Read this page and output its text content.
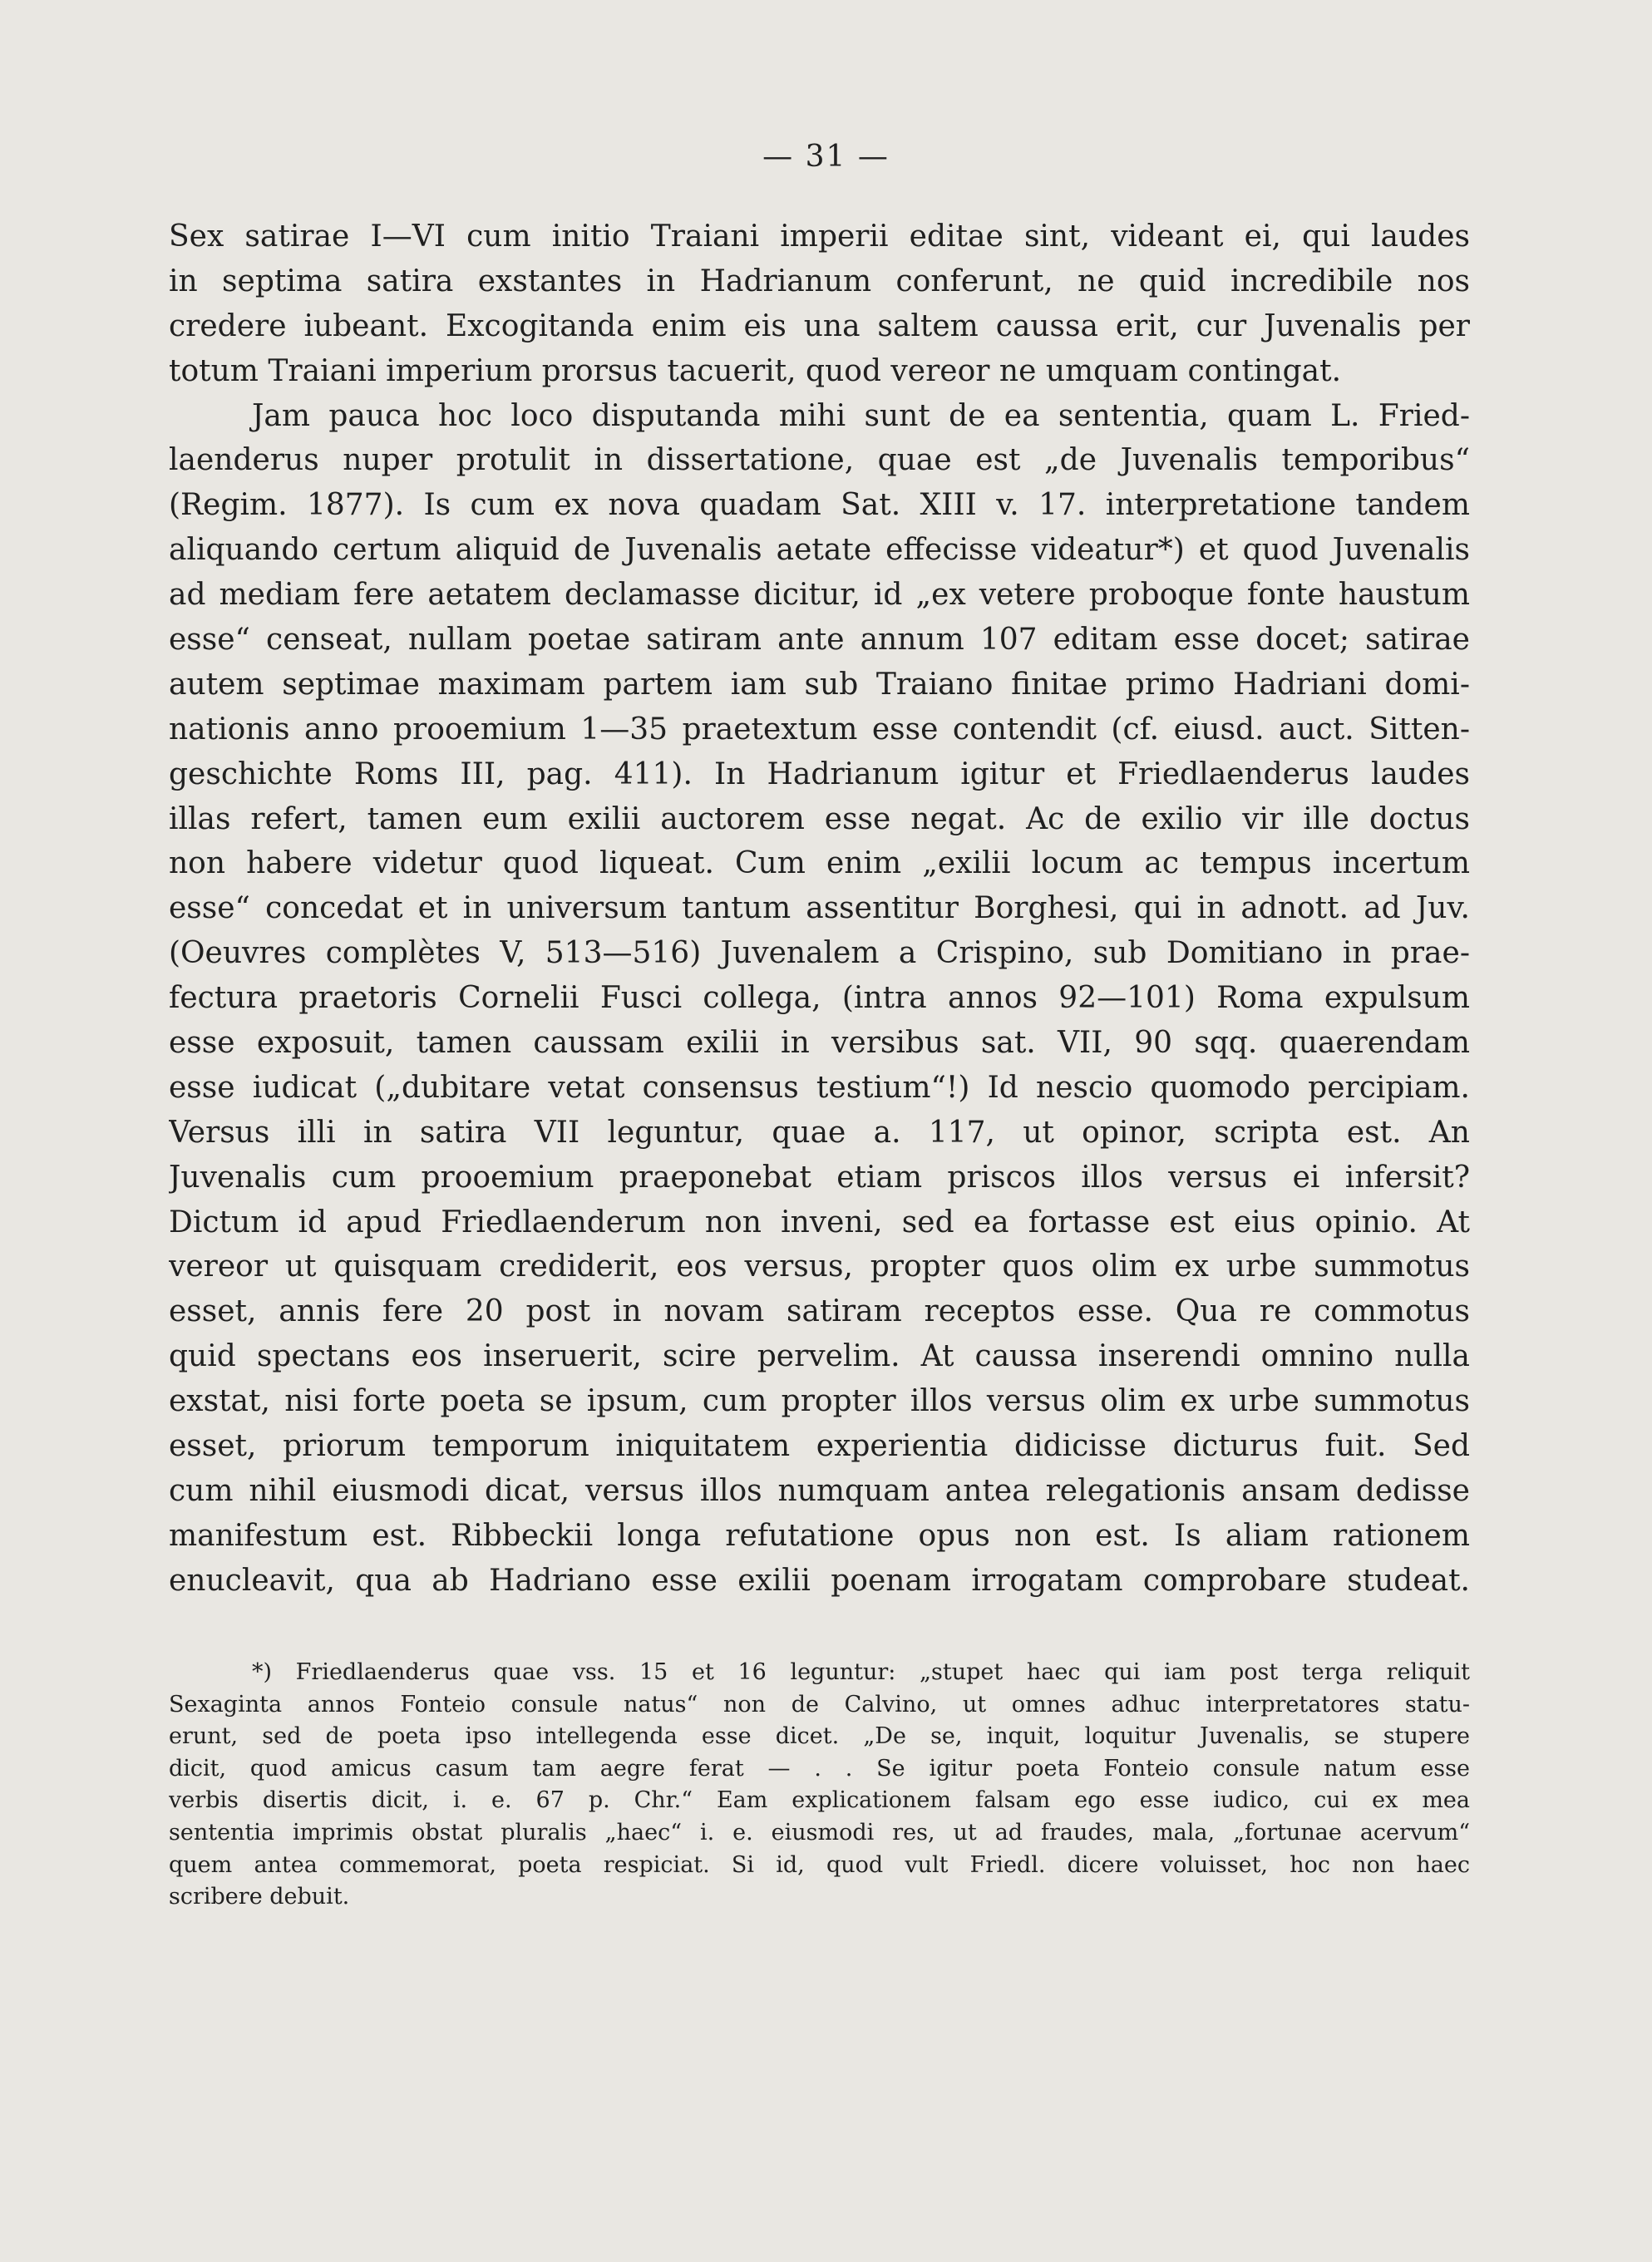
— 31 —
Sex satirae I—VI cum initio Traiani imperii editae sint, videant ei, qui laudes
in septima satira exstantes in Hadrianum conferunt, ne quid incredibile nos
credere iubeant. Excogitanda enim eis una saltem caussa erit, cur Juvenalis per
totum Traiani imperium prorsus tacuerit, quod vereor ne umquam contingat.
Jam pauca hoc loco disputanda mihi sunt de ea sententia, quam L. Fried-
laenderus nuper protulit in dissertatione, quae est „de Juvenalis temporibus“
(Regim. 1877). Is cum ex nova quadam Sat. XIII v. 17. interpretatione tandem
aliquando certum aliquid de Juvenalis aetate effecisse videatur*) et quod Juvenalis
ad mediam fere aetatem declamasse dicitur, id „ex vetere proboque fonte haustum
esse“ censeat, nullam poetae satiram ante annum 107 editam esse docet; satirae
autem septimae maximam partem iam sub Traiano finitae primo Hadriani domi-
nationis anno prooemium 1—35 praetextum esse contendit (cf. eiusd. auct. Sitten-
geschichte Roms III, pag. 411). In Hadrianum igitur et Friedlaenderus laudes
illas refert, tamen eum exilii auctorem esse negat. Ac de exilio vir ille doctus
non habere videtur quod liqueat. Cum enim „exilii locum ac tempus incertum
esse“ concedat et in universum tantum assentitur Borghesi, qui in adnott. ad Juv.
(Oeuvres complètes V, 513—516) Juvenalem a Crispino, sub Domitiano in prae-
fectura praetoris Cornelii Fusci collega, (intra annos 92—101) Roma expulsum
esse exposuit, tamen caussam exilii in versibus sat. VII, 90 sqq. quaerendam
esse iudicat („dubitare vetat consensus testium“!) Id nescio quomodo percipiam.
Versus illi in satira VII leguntur, quae a. 117, ut opinor, scripta est. An
Juvenalis cum prooemium praeponebat etiam priscos illos versus ei infersit?
Dictum id apud Friedlaenderum non inveni, sed ea fortasse est eius opinio. At
vereor ut quisquam crediderit, eos versus, propter quos olim ex urbe summotus
esset, annis fere 20 post in novam satiram receptos esse. Qua re commotus
quid spectans eos inseruerit, scire pervelim. At caussa inserendi omnino nulla
exstat, nisi forte poeta se ipsum, cum propter illos versus olim ex urbe summotus
esset, priorum temporum iniquitatem experientia didicisse dicturus fuit. Sed
cum nihil eiusmodi dicat, versus illos numquam antea relegationis ansam dedisse
manifestum est. Ribbeckii longa refutatione opus non est. Is aliam rationem
enucleavit, qua ab Hadriano esse exilii poenam irrogatam comprobare studeat.
*) Friedlaenderus quae vss. 15 et 16 leguntur: „stupet haec qui iam post terga reliquit
Sexaginta annos Fonteio consule natus“ non de Calvino, ut omnes adhuc interpretatores statu-
erunt, sed de poeta ipso intellegenda esse dicet. „De se, inquit, loquitur Juvenalis, se stupere
dicit, quod amicus casum tam aegre ferat — . . Se igitur poeta Fonteio consule natum esse
verbis disertis dicit, i. e. 67 p. Chr.“ Eam explicationem falsam ego esse iudico, cui ex mea
sententia imprimis obstat pluralis „haec“ i. e. eiusmodi res, ut ad fraudes, mala, „fortunae acervum“
quem antea commemorat, poeta respiciat. Si id, quod vult Friedl. dicere voluisset, hoc non haec
scribere debuit.
